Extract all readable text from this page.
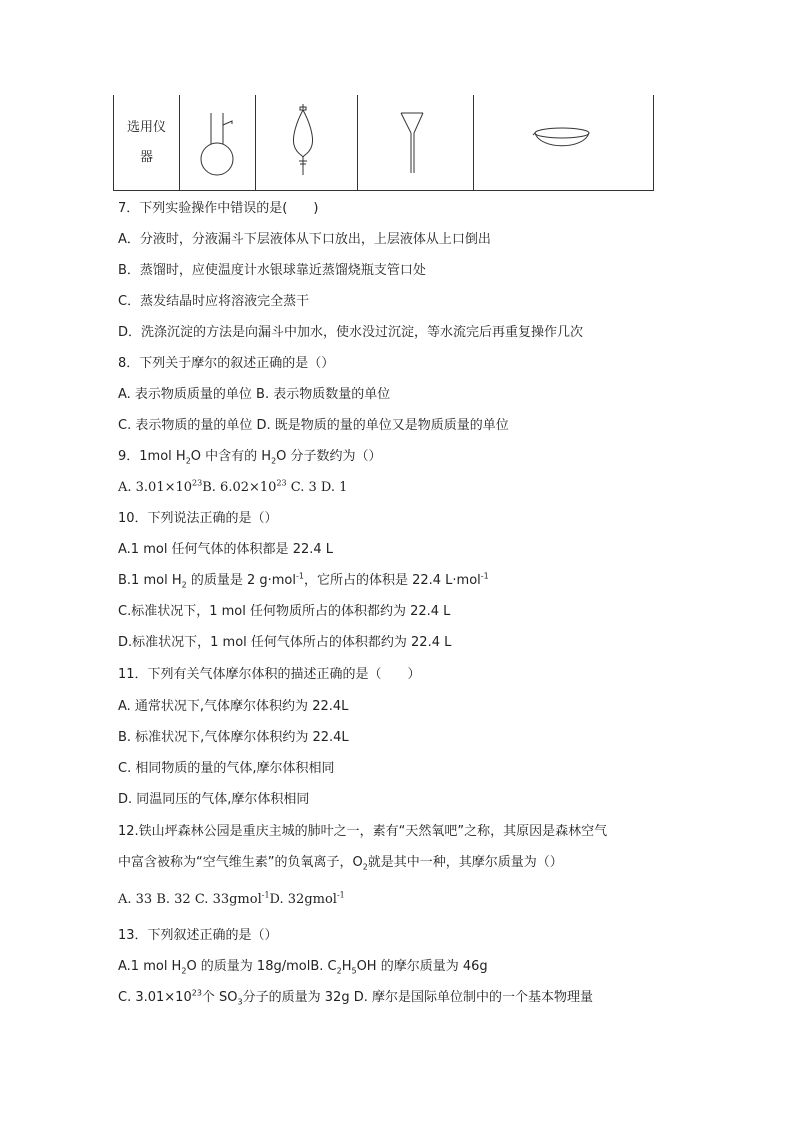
选用仪
器
7．下列实验操作中错误的是(　　)
A．分液时，分液漏斗下层液体从下口放出，上层液体从上口倒出
B．蒸馏时，应使温度计水银球靠近蒸馏烧瓶支管口处
C．蒸发结晶时应将溶液完全蒸干
D．洗涤沉淀的方法是向漏斗中加水，使水没过沉淀，等水流完后再重复操作几次
8．下列关于摩尔的叙述正确的是（）
A. 表示物质质量的单位 B. 表示物质数量的单位
C. 表示物质的量的单位 D. 既是物质的量的单位又是物质质量的单位
9．1mol $H_2O$ 中含有的 $H_2O$ 分子数约为（）
A. $3.01\times 10^{23}B$. $6.02\times 10^{23}$ C. 3 D. 1
10．下列说法正确的是（）
A.1 mol 任何气体的体积都是 22.4 L
B.1 mol $H_2$ 的质量是 2 g·mol$^{-1}$，它所占的体积是 22.4 L·mol$^{-1}$
C.标准状况下，1 mol 任何物质所占的体积都约为 22.4 L
D.标准状况下，1 mol 任何气体所占的体积都约为 22.4 L
11．下列有关气体摩尔体积的描述正确的是（　　）
A. 通常状况下,气体摩尔体积约为 22.4L
B. 标准状况下,气体摩尔体积约为 22.4L
C. 相同物质的量的气体,摩尔体积相同
D. 同温同压的气体,摩尔体积相同
12.铁山坪森林公园是重庆主城的肺叶之一，素有“天然氧吧”之称，其原因是森林空气
中富含被称为“空气维生素”的负氧离子，$O_2$就是其中一种，其摩尔质量为（）
A. 33 B. 32 C. 33gmol$^{-1}$D. 32gmol$^{-1}$
13．下列叙述正确的是（）
A.1 mol $H_2O$ 的质量为 18g/molB. $C_2H_5OH$ 的摩尔质量为 46g
C. $3.01\times 10^{23}$个 $SO_3$分子的质量为 32g D. 摩尔是国际单位制中的一个基本物理量
